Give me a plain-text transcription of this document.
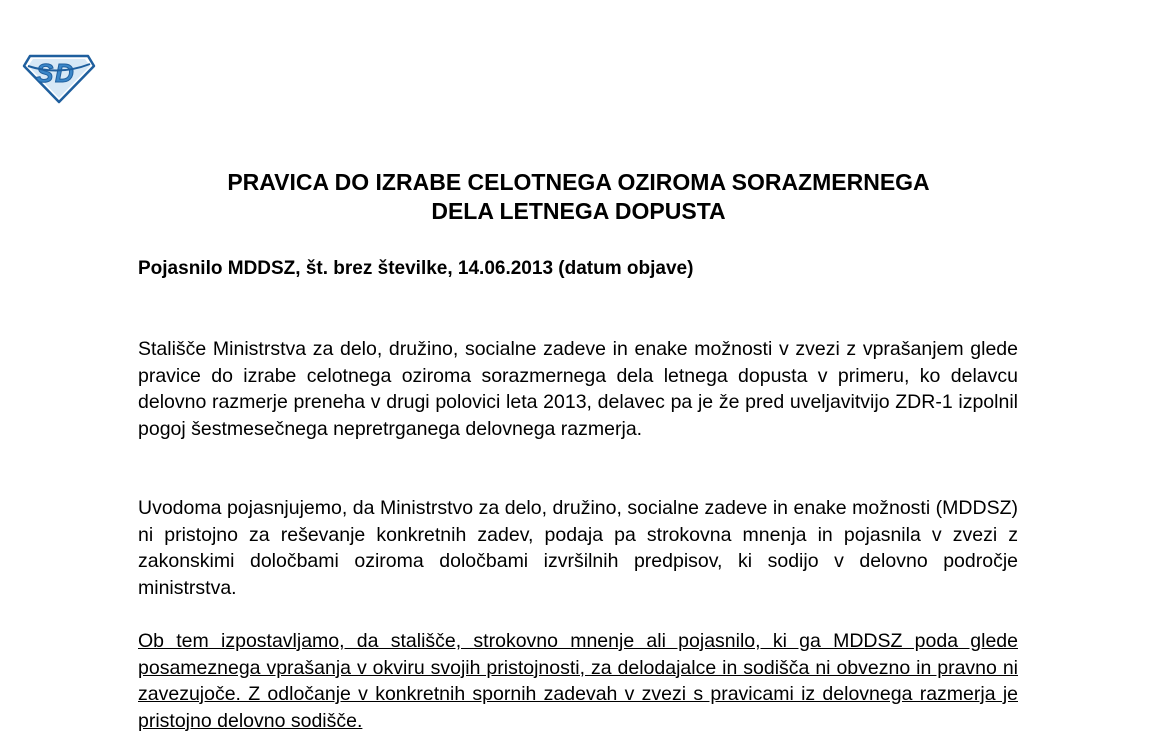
S D
PRAVICA DO IZRABE CELOTNEGA OZIROMA SORAZMERNEGA
DELA LETNEGA DOPUSTA

Pojasnilo MDDSZ, št. brez številke, 14.06.2013 (datum objave)

Stališče Ministrstva za delo, družino, socialne zadeve in enake možnosti v zvezi z vprašanjem glede pravice do izrabe celotnega oziroma sorazmernega dela letnega dopusta v primeru, ko delavcu delovno razmerje preneha v drugi polovici leta 2013, delavec pa je že pred uveljavitvijo ZDR-1 izpolnil pogoj šestmesečnega nepretrganega delovnega razmerja.

Uvodoma pojasnjujemo, da Ministrstvo za delo, družino, socialne zadeve in enake možnosti (MDDSZ) ni pristojno za reševanje konkretnih zadev, podaja pa strokovna mnenja in pojasnila v zvezi z zakonskimi določbami oziroma določbami izvršilnih predpisov, ki sodijo v delovno področje ministrstva.

Ob tem izpostavljamo, da stališče, strokovno mnenje ali pojasnilo, ki ga MDDSZ poda glede posameznega vprašanja v okviru svojih pristojnosti, za delodajalce in sodišča ni obvezno in pravno ni zavezujoče. Z odločanje v konkretnih spornih zadevah v zvezi s pravicami iz delovnega razmerja je pristojno delovno sodišče.
